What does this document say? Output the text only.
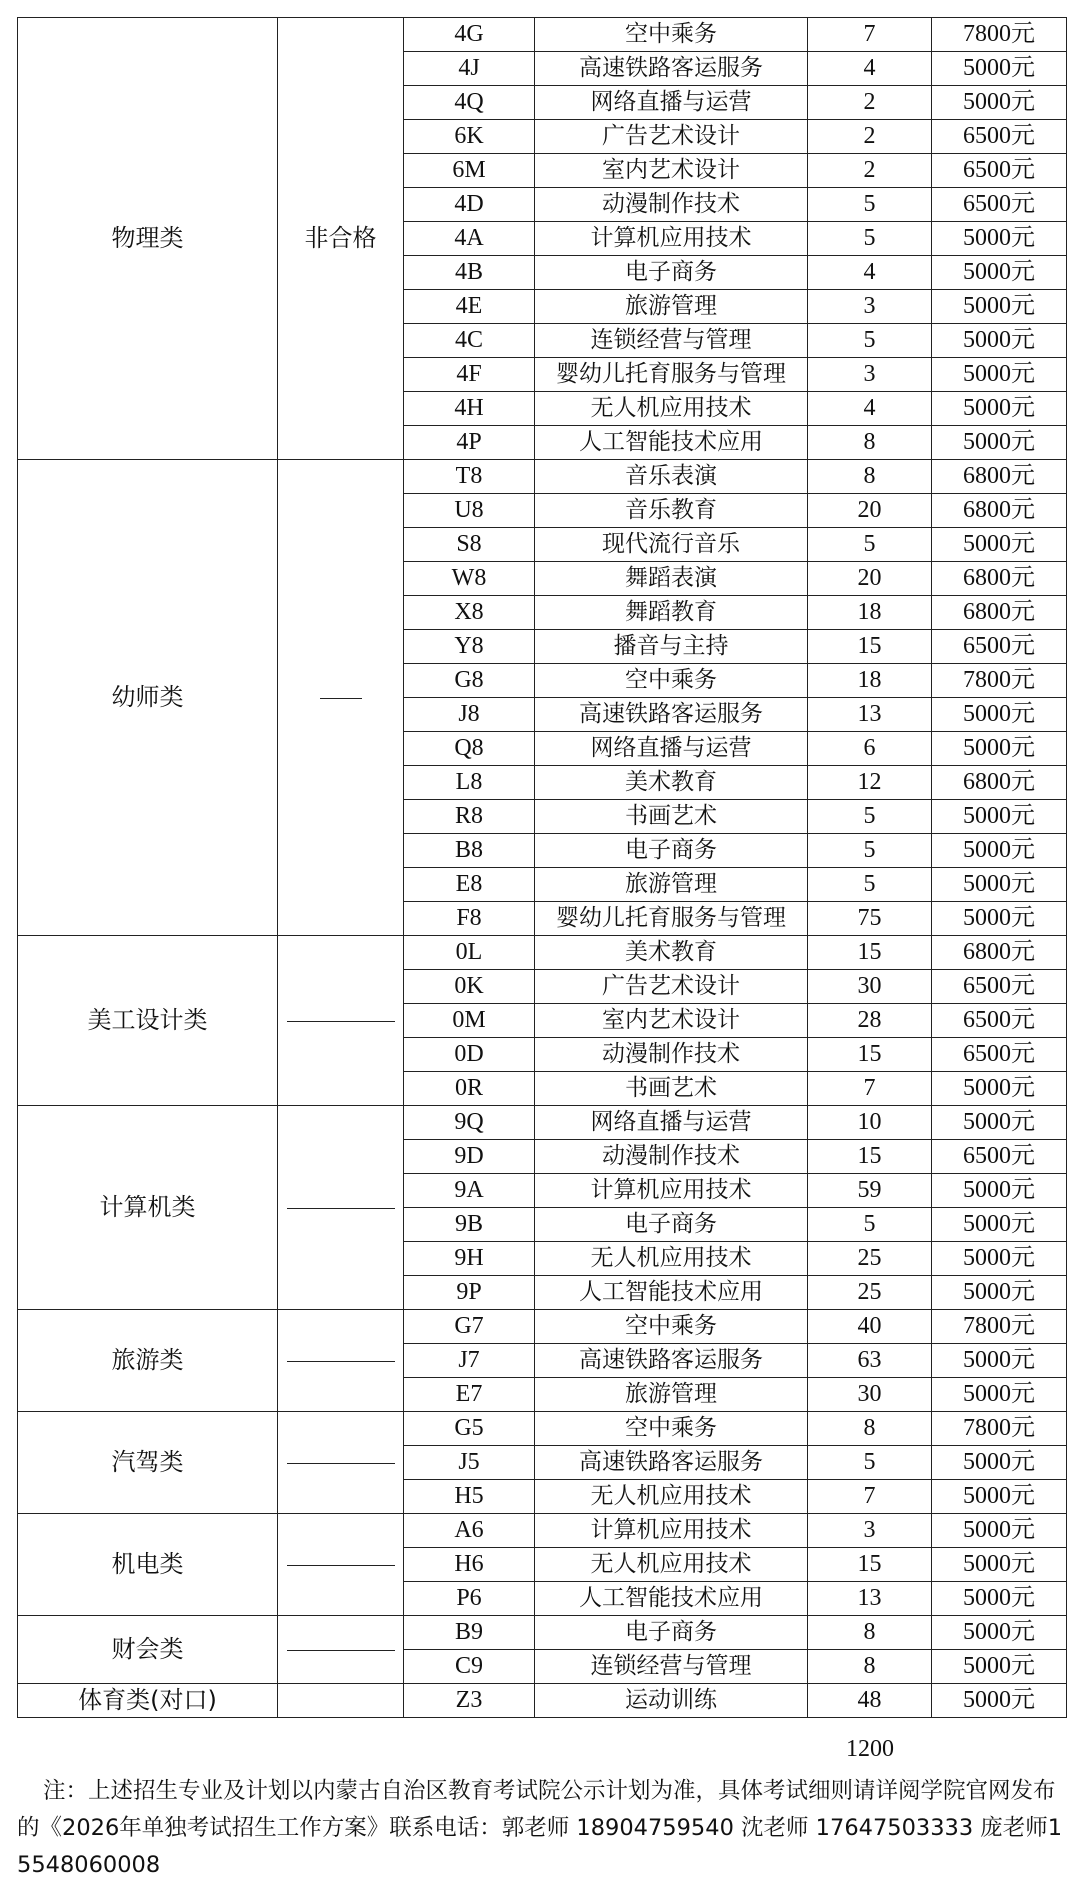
物理类	非合格	4G	空中乘务	7	7800元
		4J	高速铁路客运服务	4	5000元
		4Q	网络直播与运营	2	5000元
		6K	广告艺术设计	2	6500元
		6M	室内艺术设计	2	6500元
		4D	动漫制作技术	5	6500元
		4A	计算机应用技术	5	5000元
		4B	电子商务	4	5000元
		4E	旅游管理	3	5000元
		4C	连锁经营与管理	5	5000元
		4F	婴幼儿托育服务与管理	3	5000元
		4H	无人机应用技术	4	5000元
		4P	人工智能技术应用	8	5000元
幼师类		T8	音乐表演	8	6800元
		U8	音乐教育	20	6800元
		S8	现代流行音乐	5	5000元
		W8	舞蹈表演	20	6800元
		X8	舞蹈教育	18	6800元
		Y8	播音与主持	15	6500元
		G8	空中乘务	18	7800元
		J8	高速铁路客运服务	13	5000元
		Q8	网络直播与运营	6	5000元
		L8	美术教育	12	6800元
		R8	书画艺术	5	5000元
		B8	电子商务	5	5000元
		E8	旅游管理	5	5000元
		F8	婴幼儿托育服务与管理	75	5000元
美工设计类		0L	美术教育	15	6800元
		0K	广告艺术设计	30	6500元
		0M	室内艺术设计	28	6500元
		0D	动漫制作技术	15	6500元
		0R	书画艺术	7	5000元
计算机类		9Q	网络直播与运营	10	5000元
		9D	动漫制作技术	15	6500元
		9A	计算机应用技术	59	5000元
		9B	电子商务	5	5000元
		9H	无人机应用技术	25	5000元
		9P	人工智能技术应用	25	5000元
旅游类		G7	空中乘务	40	7800元
		J7	高速铁路客运服务	63	5000元
		E7	旅游管理	30	5000元
汽驾类		G5	空中乘务	8	7800元
		J5	高速铁路客运服务	5	5000元
		H5	无人机应用技术	7	5000元
机电类		A6	计算机应用技术	3	5000元
		H6	无人机应用技术	15	5000元
		P6	人工智能技术应用	13	5000元
财会类		B9	电子商务	8	5000元
		C9	连锁经营与管理	8	5000元
体育类(对口)		Z3	运动训练	48	5000元
1200
注：上述招生专业及计划以内蒙古自治区教育考试院公示计划为准，具体考试细则请详阅学院官网发布的《2026年单独考试招生工作方案》联系电话：郭老师 18904759540 沈老师 17647503333 庞老师15548060008
